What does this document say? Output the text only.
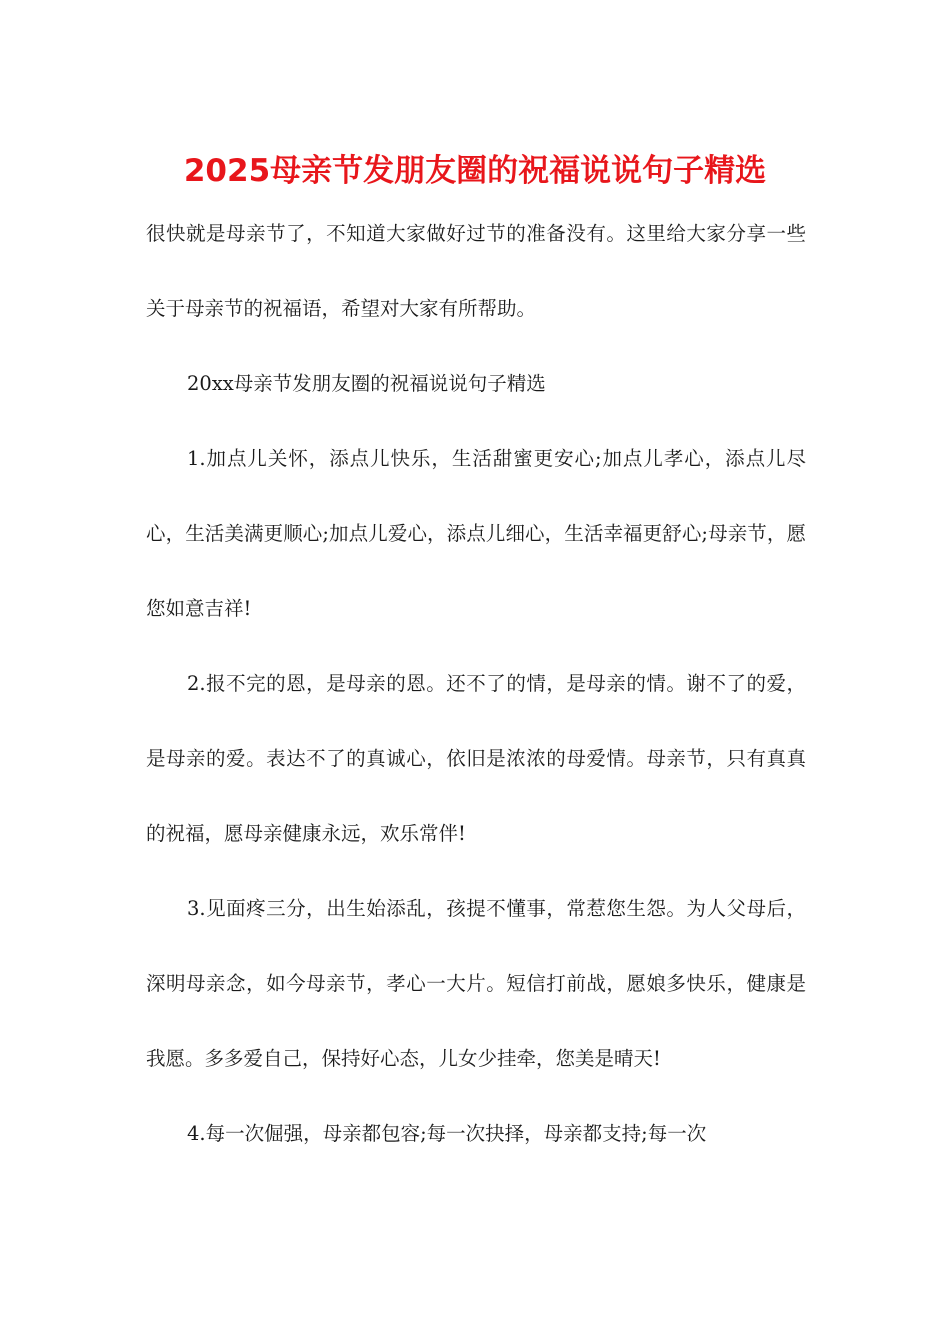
2025母亲节发朋友圈的祝福说说句子精选

很快就是母亲节了，不知道大家做好过节的准备没有。这里给大家分享一些关于母亲节的祝福语，希望对大家有所帮助。

20xx母亲节发朋友圈的祝福说说句子精选

1.加点儿关怀，添点儿快乐，生活甜蜜更安心;加点儿孝心，添点儿尽心，生活美满更顺心;加点儿爱心，添点儿细心，生活幸福更舒心;母亲节，愿您如意吉祥!

2.报不完的恩，是母亲的恩。还不了的情，是母亲的情。谢不了的爱，是母亲的爱。表达不了的真诚心，依旧是浓浓的母爱情。母亲节，只有真真的祝福，愿母亲健康永远，欢乐常伴!

3.见面疼三分，出生始添乱，孩提不懂事，常惹您生怨。为人父母后，深明母亲念，如今母亲节，孝心一大片。短信打前战，愿娘多快乐，健康是我愿。多多爱自己，保持好心态，儿女少挂牵，您美是晴天!

4.每一次倔强，母亲都包容;每一次抉择，母亲都支持;每一次
